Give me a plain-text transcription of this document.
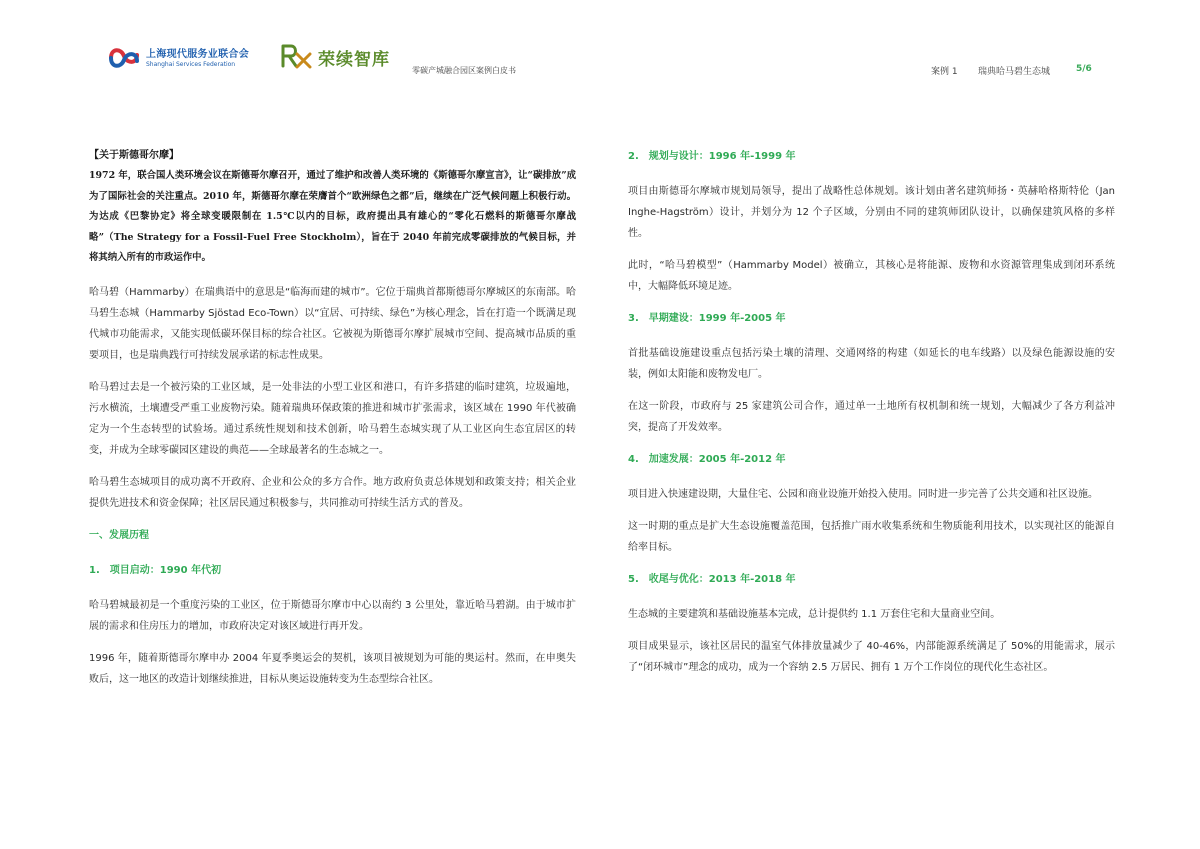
上海现代服务业联合会
Shanghai Services Federation	荣续智库
零碳产城融合园区案例白皮书	案例 1 瑞典哈马碧生态城	5/6

【关于斯德哥尔摩】

1972 年，联合国人类环境会议在斯德哥尔摩召开，通过了维护和改善人类环境的《斯德哥尔摩宣言》，让“碳排放”成为了国际社会的关注重点。2010 年，斯德哥尔摩在荣膺首个“欧洲绿色之都”后，继续在广泛气候问题上积极行动。为达成《巴黎协定》将全球变暖限制在 1.5℃以内的目标，政府提出具有雄心的“零化石燃料的斯德哥尔摩战略”（The Strategy for a Fossil-Fuel Free Stockholm），旨在于 2040 年前完成零碳排放的气候目标，并将其纳入所有的市政运作中。

哈马碧（Hammarby）在瑞典语中的意思是“临海而建的城市”。它位于瑞典首都斯德哥尔摩城区的东南部。哈马碧生态城（Hammarby Sjöstad Eco-Town）以“宜居、可持续、绿色”为核心理念，旨在打造一个既满足现代城市功能需求，又能实现低碳环保目标的综合社区。它被视为斯德哥尔摩扩展城市空间、提高城市品质的重要项目，也是瑞典践行可持续发展承诺的标志性成果。

哈马碧过去是一个被污染的工业区域，是一处非法的小型工业区和港口，有许多搭建的临时建筑，垃圾遍地，污水横流，土壤遭受严重工业废物污染。随着瑞典环保政策的推进和城市扩张需求，该区域在 1990 年代被确定为一个生态转型的试验场。通过系统性规划和技术创新，哈马碧生态城实现了从工业区向生态宜居区的转变，并成为全球零碳园区建设的典范——全球最著名的生态城之一。

哈马碧生态城项目的成功离不开政府、企业和公众的多方合作。地方政府负责总体规划和政策支持；相关企业提供先进技术和资金保障；社区居民通过积极参与，共同推动可持续生活方式的普及。

一、发展历程
1.　项目启动：1990 年代初

哈马碧城最初是一个重度污染的工业区，位于斯德哥尔摩市中心以南约 3 公里处，靠近哈马碧湖。由于城市扩展的需求和住房压力的增加，市政府决定对该区域进行再开发。

1996 年，随着斯德哥尔摩申办 2004 年夏季奥运会的契机，该项目被规划为可能的奥运村。然而，在申奥失败后，这一地区的改造计划继续推进，目标从奥运设施转变为生态型综合社区。

2.　规划与设计：1996 年-1999 年

项目由斯德哥尔摩城市规划局领导，提出了战略性总体规划。该计划由著名建筑师扬・英赫哈格斯特伦（Jan Inghe-Hagström）设计，并划分为 12 个子区域，分别由不同的建筑师团队设计，以确保建筑风格的多样性。

此时，“哈马碧模型”（Hammarby Model）被确立，其核心是将能源、废物和水资源管理集成到闭环系统中，大幅降低环境足迹。

3.　早期建设：1999 年-2005 年

首批基础设施建设重点包括污染土壤的清理、交通网络的构建（如延长的电车线路）以及绿色能源设施的安装，例如太阳能和废物发电厂。

在这一阶段，市政府与 25 家建筑公司合作，通过单一土地所有权机制和统一规划，大幅减少了各方利益冲突，提高了开发效率。

4.　加速发展：2005 年-2012 年

项目进入快速建设期，大量住宅、公园和商业设施开始投入使用。同时进一步完善了公共交通和社区设施。

这一时期的重点是扩大生态设施覆盖范围，包括推广雨水收集系统和生物质能利用技术，以实现社区的能源自给率目标。

5.　收尾与优化：2013 年-2018 年

生态城的主要建筑和基础设施基本完成，总计提供约 1.1 万套住宅和大量商业空间。

项目成果显示，该社区居民的温室气体排放量减少了 40-46%，内部能源系统满足了 50%的用能需求，展示了“闭环城市”理念的成功，成为一个容纳 2.5 万居民、拥有 1 万个工作岗位的现代化生态社区。
